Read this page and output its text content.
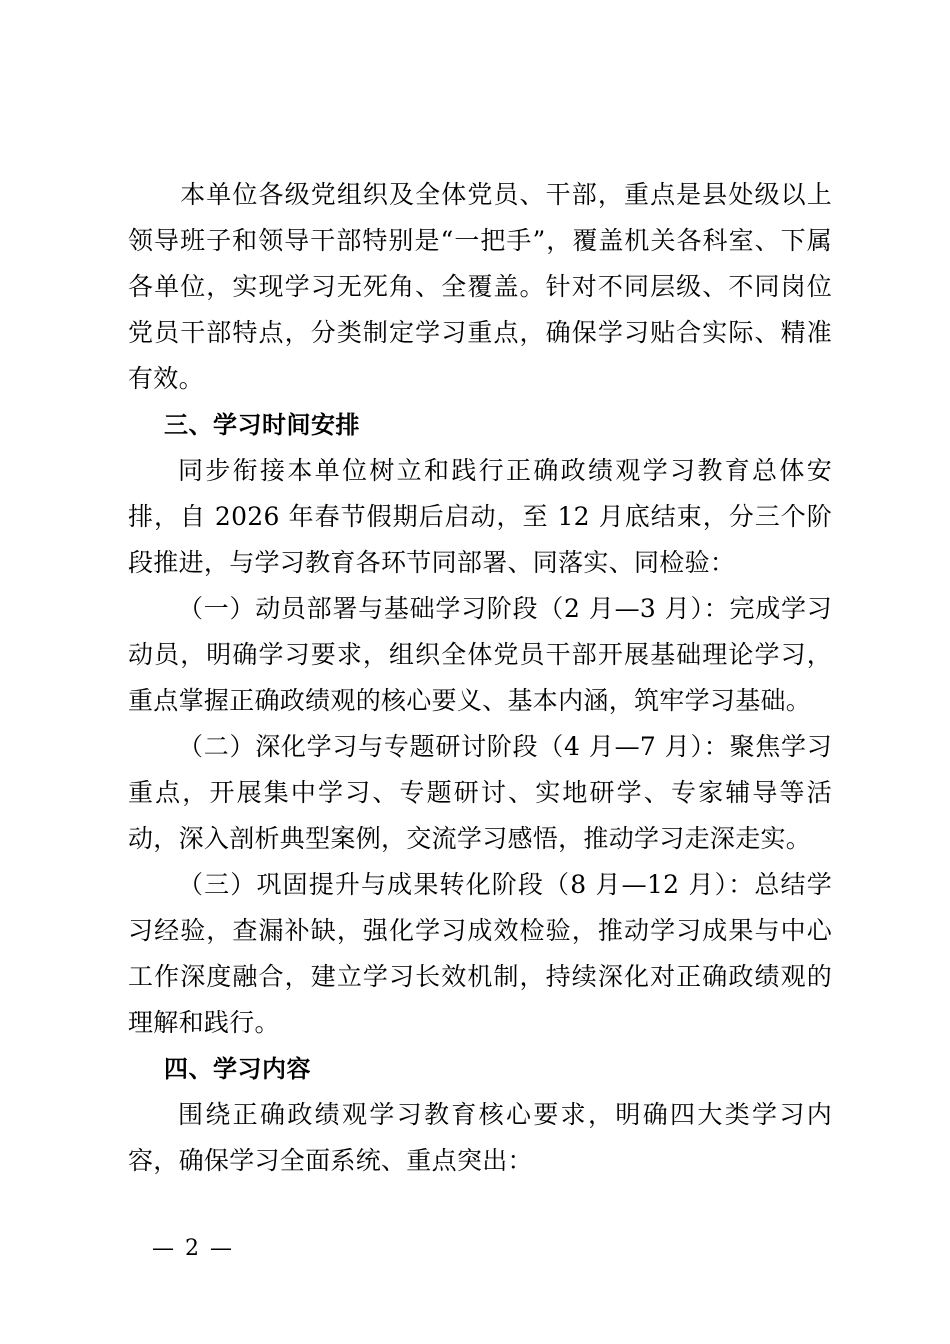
　　本单位各级党组织及全体党员、干部，重点是县处级以上领导班子和领导干部特别是“一把手”，覆盖机关各科室、下属各单位，实现学习无死角、全覆盖。针对不同层级、不同岗位党员干部特点，分类制定学习重点，确保学习贴合实际、精准有效。

三、学习时间安排

同步衔接本单位树立和践行正确政绩观学习教育总体安排，自 2026 年春节假期后启动，至 12 月底结束，分三个阶段推进，与学习教育各环节同部署、同落实、同检验：

（一）动员部署与基础学习阶段（2 月—3 月）：完成学习动员，明确学习要求，组织全体党员干部开展基础理论学习，重点掌握正确政绩观的核心要义、基本内涵，筑牢学习基础。

（二）深化学习与专题研讨阶段（4 月—7 月）：聚焦学习重点，开展集中学习、专题研讨、实地研学、专家辅导等活动，深入剖析典型案例，交流学习感悟，推动学习走深走实。

（三）巩固提升与成果转化阶段（8 月—12 月）：总结学习经验，查漏补缺，强化学习成效检验，推动学习成果与中心工作深度融合，建立学习长效机制，持续深化对正确政绩观的理解和践行。

四、学习内容

围绕正确政绩观学习教育核心要求，明确四大类学习内容，确保学习全面系统、重点突出：

— 2 —
